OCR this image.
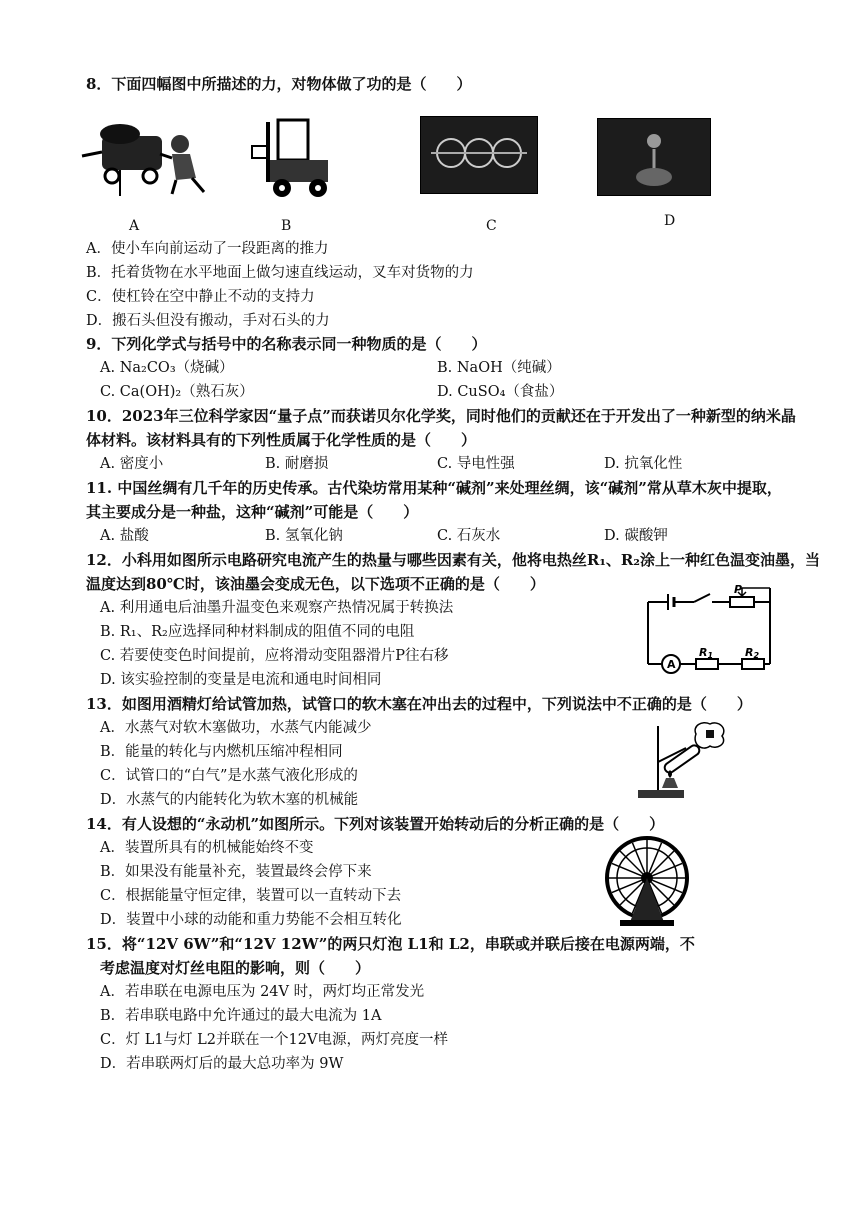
8．下面四幅图中所描述的力，对物体做了功的是（　　）
A	B	C	D
A．使小车向前运动了一段距离的推力
B．托着货物在水平地面上做匀速直线运动，叉车对货物的力
C．使杠铃在空中静止不动的支持力
D．搬石头但没有搬动，手对石头的力
9．下列化学式与括号中的名称表示同一种物质的是（　　）
A. Na₂CO₃（烧碱）	B. NaOH（纯碱）
C. Ca(OH)₂（熟石灰）	D. CuSO₄（食盐）
10．2023年三位科学家因“量子点”而获诺贝尔化学奖，同时他们的贡献还在于开发出了一种新型的纳米晶
体材料。该材料具有的下列性质属于化学性质的是（　　）
A. 密度小	B. 耐磨损	C. 导电性强	D. 抗氧化性
11. 中国丝绸有几千年的历史传承。古代染坊常用某种“碱剂”来处理丝绸，该“碱剂”常从草木灰中提取，
其主要成分是一种盐，这种“碱剂”可能是（　　）
A. 盐酸	B. 氢氧化钠	C. 石灰水	D. 碳酸钾
12．小科用如图所示电路研究电流产生的热量与哪些因素有关，他将电热丝R₁、R₂涂上一种红色温变油墨，当
温度达到80℃时，该油墨会变成无色，以下选项不正确的是（　　）
A. 利用通电后油墨升温变色来观察产热情况属于转换法
B. R₁、R₂应选择同种材料制成的阻值不同的电阻
C. 若要使变色时间提前，应将滑动变阻器滑片P往右移
D. 该实验控制的变量是电流和通电时间相同
P
A
R1	R2
13．如图用酒精灯给试管加热，试管口的软木塞在冲出去的过程中，下列说法中不正确的是（　　）
A．水蒸气对软木塞做功，水蒸气内能减少
B．能量的转化与内燃机压缩冲程相同
C．试管口的“白气”是水蒸气液化形成的
D．水蒸气的内能转化为软木塞的机械能
14．有人设想的“永动机”如图所示。下列对该装置开始转动后的分析正确的是（　　）
A．装置所具有的机械能始终不变
B．如果没有能量补充，装置最终会停下来
C．根据能量守恒定律，装置可以一直转动下去
D．装置中小球的动能和重力势能不会相互转化
15．将“12V 6W”和“12V 12W”的两只灯泡 L1和 L2，串联或并联后接在电源两端，不
考虑温度对灯丝电阻的影响，则（　　）
A．若串联在电源电压为 24V 时，两灯均正常发光
B．若串联电路中允许通过的最大电流为 1A
C．灯 L1与灯 L2并联在一个12V电源，两灯亮度一样
D．若串联两灯后的最大总功率为 9W
